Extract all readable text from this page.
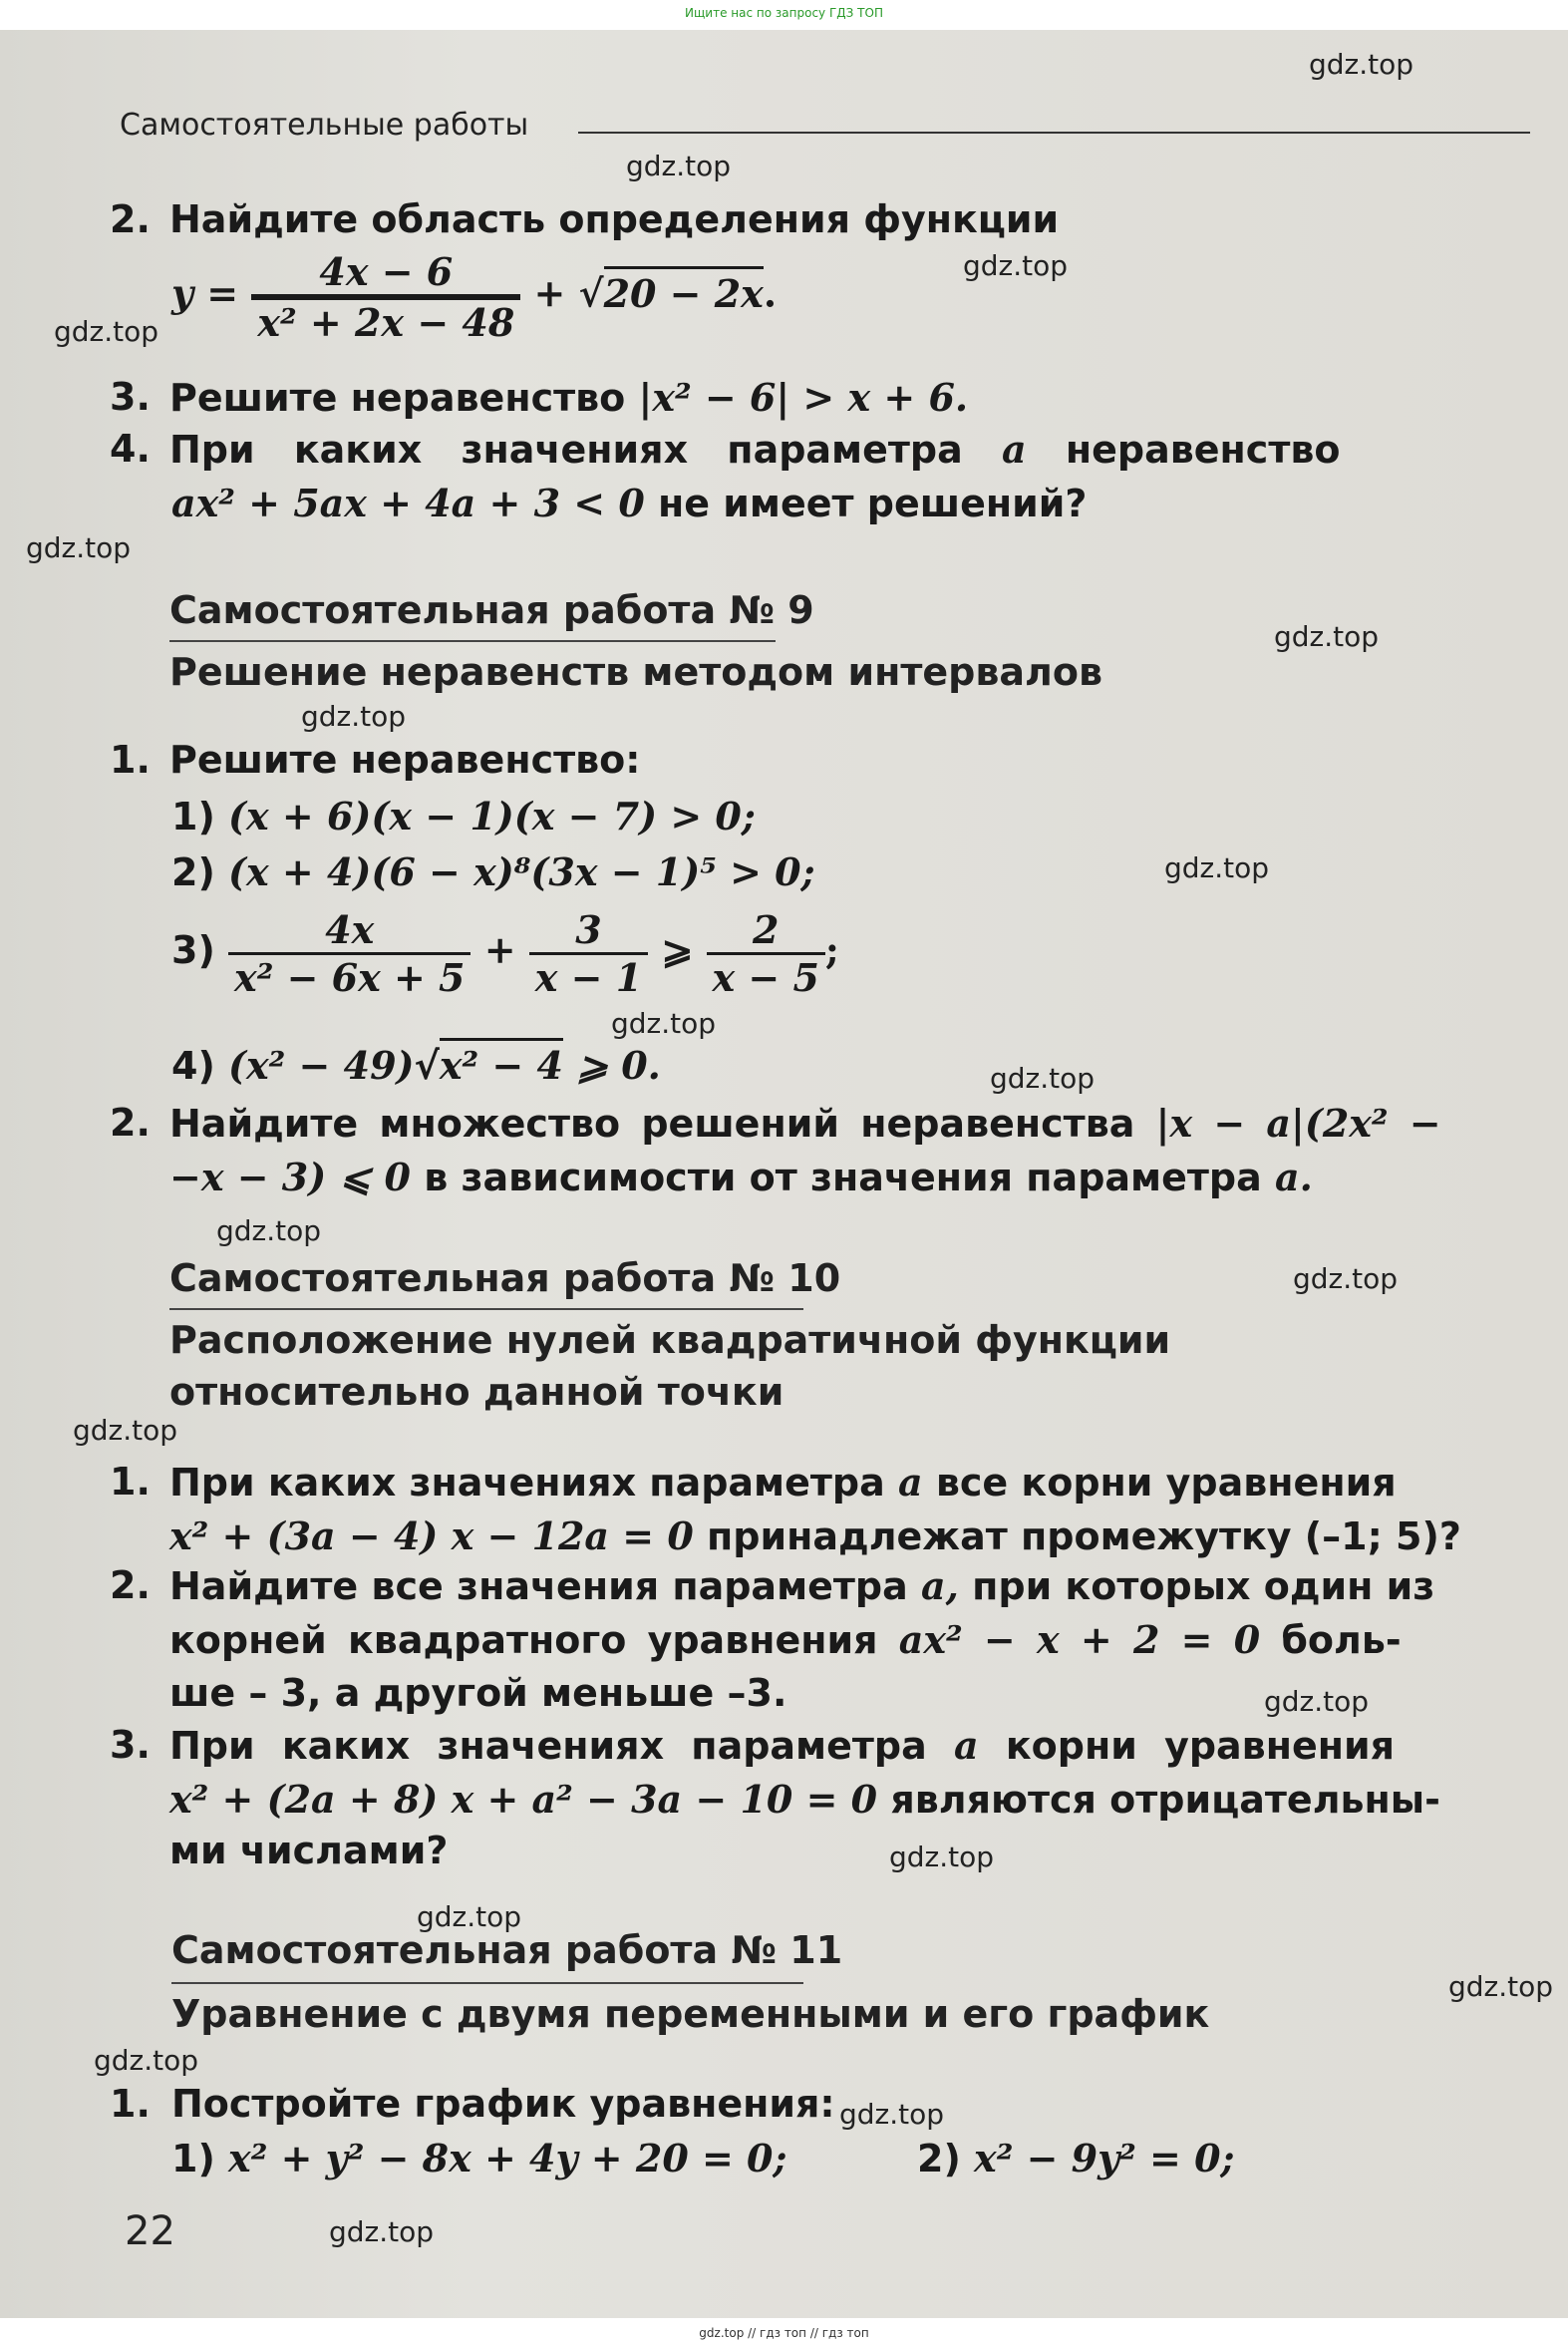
Ищите нас по запросу ГДЗ ТОП
gdz.top
gdz.top
gdz.top
gdz.top
gdz.top
gdz.top
gdz.top
gdz.top
gdz.top
gdz.top
gdz.top
gdz.top
gdz.top
gdz.top
gdz.top
gdz.top
gdz.top
gdz.top
gdz.top
gdz.top
Самостоятельные работы
2. Найдите область определения функции
$y = \frac{4x - 6}{\text{x² + 2x − 48}} + √20 - 2x$.
3. Решите неравенство |x² − 6| > x + 6.
4. При каких значениях параметра a неравенство
ax² + 5ax + 4a + 3 < 0 не имеет решений?
Самостоятельная работа № 9
Решение неравенств методом интервалов
1. Решите неравенство:
1) (x + 6)(x − 1)(x − 7) > 0;
2) (x + 4)(6 − x)⁸(3x − 1)⁵ > 0;
$3) \frac{4x}{\text{x² − 6x + 5}} + \frac{3}{x - 1}$ ⩾ $\frac{2}{x - 5}$ ;
4) (x² − 49)√x² − 4 ⩾ 0.
2. Найдите множество решений неравенства |x − a|(2x² −
−x − 3) ⩽ 0 в зависимости от значения параметра a.
Самостоятельная работа № 10
Расположение нулей квадратичной функции
относительно данной точки
1. При каких значениях параметра a все корни уравнения
x² + (3a − 4) x − 12a = 0 принадлежат промежутку (–1; 5)?
2. Найдите все значения параметра a, при которых один из
корней квадратного уравнения ax² − x + 2 = 0 боль-
ше – 3, а другой меньше –3.
3. При каких значениях параметра a корни уравнения
x² + (2a + 8) x + a² − 3a − 10 = 0 являются отрицательны-
ми числами?
Самостоятельная работа № 11
Уравнение с двумя переменными и его график
1. Постройте график уравнения:
1) x² + y² − 8x + 4y + 20 = 0;	2) x² − 9y² = 0;
22
gdz.top // гдз топ // гдз топ
